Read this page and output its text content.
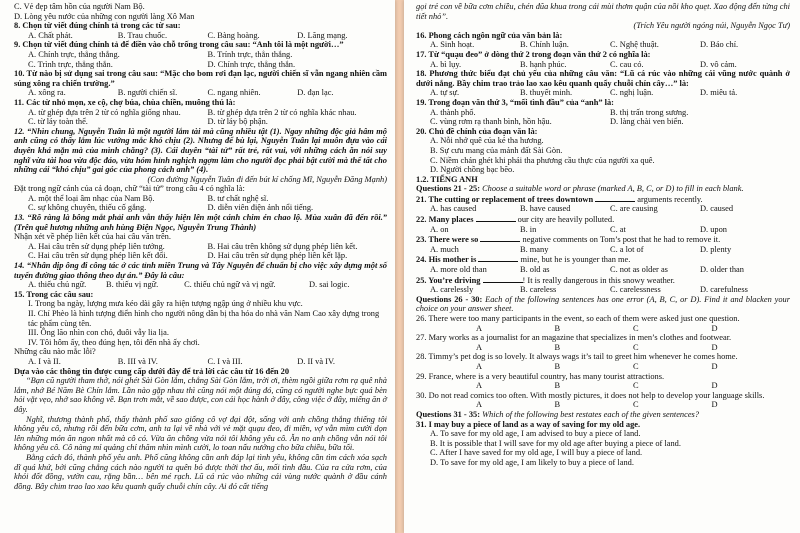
C. Vẻ đẹp tâm hồn của người Nam Bộ.

D. Lòng yêu nước của những con người làng Xô Man

8. Chọn từ viết đúng chính tả trong các từ sau:

A. Chất phát.	B. Trau chuốc.	C. Bàng hoàng.	D. Lãng mạng.

9. Chọn từ viết đúng chính tả để điền vào chỗ trống trong câu sau: “Anh tôi là một người…”

A. Chính trực, thẳng thắng.	B. Trính trực, thẳn thắng.
C. Trình trực, thẳng thắn.	D. Chính trực, thẳng thắn.

10. Từ nào bị sử dụng sai trong câu sau: “Mặc cho bom rơi đạn lạc, người chiến sĩ vẫn ngang nhiên cầm súng xông ra chiến trường.”

A. xông ra.	B. người chiến sĩ.	C. ngang nhiên.	D. đạn lạc.

11. Các từ nhỏ mọn, xe cộ, chợ búa, chùa chiền, muông thú là:

A. từ ghép đựa trên 2 từ có nghĩa giống nhau.	B. từ ghép dựa trên 2 từ có nghĩa khác nhau.
C. từ láy toàn thể.	D. từ láy bộ phận.

12. “Nhìn chung, Nguyễn Tuân là một người lắm tài mà cũng nhiều tật (1). Ngay những độc giả hâm mộ anh cũng có thấy lắm lúc vướng mắc khó chịu (2). Nhưng để bù lại, Nguyễn Tuân lại muôn đựa vào cái duyên khá mặn mà của mình chăng? (3). Cái duyên “tài tử” rất trẻ, rất vui, với những cách ăn nói suy nghĩ vừa tài hoa vừa độc đáo, vừa hóm hỉnh nghịch ngợm làm cho người đọc phải bật cười mà thể tất cho những cái “khó chịu” gai góc của phong cách anh” (4).

(Con đường Nguyễn Tuân đi đến bút kí chống Mĩ, Nguyễn Đăng Mạnh)

Đặt trong ngữ cảnh của cả đoạn, chữ “tài tử” trong câu 4 có nghĩa là:

A. một thể loại âm nhạc của Nam Bộ.	B. tư chất nghệ sĩ.
C. sự không chuyên, thiếu cố gắng.	D. diễn viên điện ảnh nổi tiếng.

13. “Rõ ràng là bông mắt phải anh vẫn thấy hiện lên một cánh chim én chao lộ. Mùa xuân đã đến rồi.” (Trên quê hương những anh hùng Điện Ngọc, Nguyễn Trung Thành)

Nhận xét về phép liên kết của hai câu văn trên.

A. Hai câu trên sử dụng phép liên tưởng.	B. Hai câu trên không sử dụng phép liên kết.
C. Hai câu trên sử dụng phép liên kết đổi.	D. Hai câu trên sử dụng phép liên kết lặp.

14. “Nhân dịp ông đi công tác ở các tỉnh miền Trung và Tây Nguyên để chuẩn bị cho việc xây dựng một số tuyến đường giao thông theo dự án.” Đây là câu:

A. thiếu chủ ngữ.	B. thiếu vị ngữ.	C. thiếu chủ ngữ và vị ngữ.	D. sai logic.

15. Trong các câu sau:

I. Trong ba ngày, lượng mưa kéo dài gây ra hiện tượng ngập úng ở nhiều khu vực.

II. Chí Phèo là hình tượng điển hình cho người nông dân bị tha hóa do nhà văn Nam Cao xây dựng trong tác phẩm cùng tên.

III. Ông lão nhìn con chó, đuôi vẫy lia lịa.

IV. Tôi hôm ấy, theo đúng hẹn, tôi đến nhà ấy chơi.

Những câu nào mắc lỗi?

A. I và II.	B. III và IV.	C. I và III.	D. II và IV.

Dựa vào các thông tin được cung cấp dưới đây để trả lời các câu từ 16 đến 20

“Bạn cũ người tham thở, nói ghét Sài Gòn lắm, chẳng Sài Gòn lắm, trời ơi, thèm ngồi giữa rơm rạ quê nhà lắm, nhớ Bé Năm Bè Chín lắm. Lần nào gặp nhau thì cũng nói một đúng đó, cũng có người nghe bực quá bèn hỏi vặt vẹo, nhớ sao không về. Bạn trơn mắt, về sao được, con cái học hành ở đây, công việc ở đây, miếng ăn ở đây.

Nghĩ, thương thành phố, thấy thành phố sao giống cô vợ đại đột, sống với anh chồng thắng thiếng tôi không yêu cô, nhưng rồi đến bữa cơm, anh ta lại về nhà với vẻ mặt quạu đeo, đi miền, vợ vẫn mìm cười dọn lên những món ăn ngon nhất mà cô có. Vừa ăn chồng vừa nói tôi không yêu cô. Ăn no anh chồng vẫn nói tôi không yêu cô. Cô nàng mỉ quảng chỉ thăm nhìn mình cười, lo toan nấu nướng cho bữa chiều, bữa tối.

Bằng cách đó, thành phố yêu anh. Phố cũng không cần anh đáp lại tình yêu, không cần tìm cách xóa sạch dĩ quá khứ, bởi cũng chẳng cách nào người ta quên bỏ được thời thơ ấu, mối tình đầu. Của ra cửa rơm, của khói đốt đồng, vườn cau, rặng bần… bên mé rạch. Lũ cá rúc vào những cái vùng nước quành ở đầu cánh đồng. Bây chim trao lao xao kêu quanh quẩy chuỗi chín cây. Ai đó cất tiếng

gọi trẻ con về bữa cơm chiều, chén đũa khua trong cái mùi thơm quận của nồi kho quẹt. Xao động đến từng chi tiết nhỏ”.

(Trích Yêu người ngóng núi, Nguyễn Ngọc Tư)

16. Phong cách ngôn ngữ của văn bản là:

A. Sinh hoạt.	B. Chính luận.	C. Nghệ thuật.	D. Báo chí.

17. Từ “quạu đeo” ở dòng thứ 2 trong đoạn văn thứ 2 có nghĩa là:

A. bì lụy.	B. hạnh phúc.	C. cau có.	D. vô cảm.

18. Phương thức biểu đạt chủ yếu của những câu văn: “Lũ cá rúc vào những cái vũng nước quành ở dưới nắng. Bầy chim trao trảo lao xao kêu quanh quẩy chuỗi chín cây…” là:

A. tự sự.	B. thuyết minh.	C. nghị luận.	D. miêu tả.

19. Trong đoạn văn thứ 3, “mối tình đầu” của “anh” là:

A. thành phố.	B. thị trấn trong sương.
C. vùng rơm rạ thanh bình, hồn hậu.	D. làng chài ven biển.

20. Chủ đề chính của đoạn văn là:

A. Nỗi nhớ quê của kẻ tha hương.

B. Sự cưu mang của mảnh đất Sài Gòn.

C. Niềm chán ghét khi phải tha phương cầu thực của người xa quê.

D. Người chồng bạc bẽo.

1.2. TIẾNG ANH

Questions 21 - 25: Choose a suitable word or phrase (marked A, B, C, or D) to fill in each blank.

21. The cutting or replacement of trees downtown	arguments recently.

A. has caused	B. have caused	C. are causing	D. caused

22. Many places	our city are heavily polluted.

A. on	B. in	C. at	D. upon

23. There were so	negative comments on Tom’s post that he had to remove it.

A. much	B. many	C. a lot of	D. plenty

24. His mother is	mine, but he is younger than me.

A. more old than	B. old as	C. not as older as	D. older than

25. You’re driving	! It is really dangerous in this snowy weather.

A. carelessly	B. careless	C. carelessness	D. carefulness

Questions 26 - 30: Each of the following sentences has one error (A, B, C, or D). Find it and blacken your choice on your answer sheet.

26. There were too many participants in the event, so each of them were asked just one question.

A	B	C	D

27. Mary works as a journalist for an magazine that specializes in men’s clothes and footwear.

A	B	C	D

28. Timmy’s pet dog is so lovely. It always wags it’s tail to greet him whenever he comes home.

A	B	C	D

29. France, where is a very beautiful country, has many tourist attractions.

A	B	C	D

30. Do not read comics too often. With mostly pictures, it does not help to develop your language skills.

A	B	C	D

Questions 31 - 35: Which of the following best restates each of the given sentences?

31. I may buy a piece of land as a way of saving for my old age.

A. To save for my old age, I am advised to buy a piece of land.

B. It is possible that I will save for my old age after buying a piece of land.

C. After I have saved for my old age, I will buy a piece of land.

D. To save for my old age, I am likely to buy a piece of land.
